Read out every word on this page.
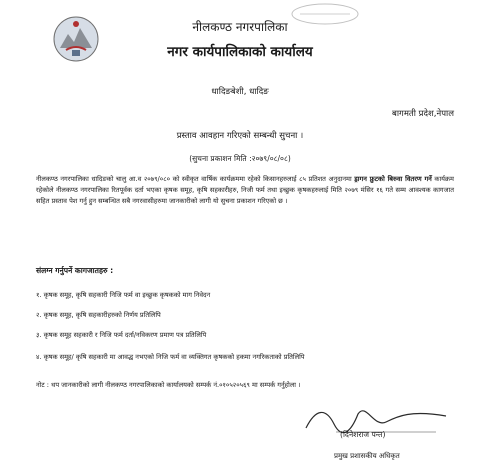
नीलकण्ठ नगरपालिका
नगर कार्यपालिकाको कार्यालय
धादिङबेशी, धादिङ
बागमती प्रदेश,नेपाल
प्रस्ताव आवहान गरिएको सम्बन्धी सुचना ।
(सुचना प्रकाशन मिति :२०७९/०८/०८)
नीलकण्ठ नगरपालिका धादिङको चालु आ.व २०७९/०८० को स्वीकृत वार्षिक कार्यक्रममा रहेको किसानहरुलाई ८५ प्रतिशत अनुदानमा ड्रागन फ्रुटको बिरुवा वितरण गर्ने कार्यक्रम रहेकोले नीलकण्ठ नगरपालिका रितपूर्वक दर्ता भएका कृषक समूह, कृषि सहकारीहरु, निजी फर्म तथा इच्छुक कृषकहरुलाई मिति २०७९ मंसिर १६ गते सम्म आवश्यक कागजात सहित प्रस्ताव पेश गर्नु हुन सम्बन्धित सबै नगरवासीहरुमा जानकारीको लागी यो सुचना प्रकाशन गरिएको छ ।
संलग्न गर्नुपर्ने कागजातहरु :
१. कृषक समूह, कृषि सहकारी निजि फर्म वा इच्छुक कृषकको माग निवेदन
२. कृषक समूह, कृषि सहकारीहरुको निर्णय प्रतिलिपि
३. कृषक समूह सहकारी र निजि फर्म दर्ता/नविकरण प्रमाण पत्र प्रतिलिपि
४. कृषक समूह/ कृषि सहकारी मा आवद्ध नभएको निजि फर्म वा व्यक्तिगत कृषकको हकमा नगरिकताको प्रतिलिपि
नोट : थप जानकारीको लागी नीलकण्ठ नगरपालिकाको कार्यालयको सम्पर्क नं.०१०५२०५६९ मा सम्पर्क गर्नुहोला ।
(दिनेशराज पन्त)
प्रमुख प्रशासकीय अधिकृत
